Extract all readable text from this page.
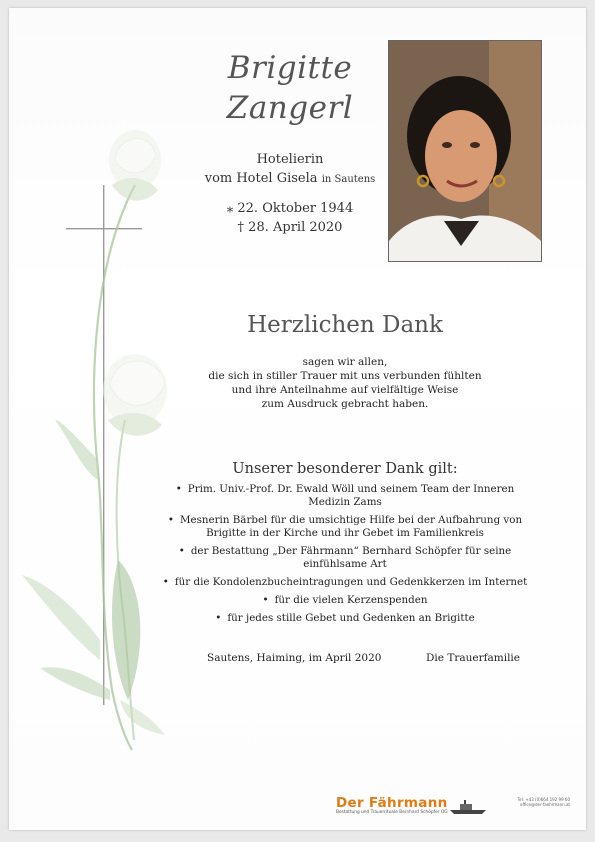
Brigitte
Zangerl
Hotelierin
vom Hotel Gisela in Sautens
⁎ 22. Oktober 1944
† 28. April 2020
Herzlichen Dank
sagen wir allen,
die sich in stiller Trauer mit uns verbunden fühlten
und ihre Anteilnahme auf vielfältige Weise
zum Ausdruck gebracht haben.
Unserer besonderer Dank gilt:
• Prim. Univ.-Prof. Dr. Ewald Wöll und seinem Team der Inneren Medizin Zams
• Mesnerin Bärbel für die umsichtige Hilfe bei der Aufbahrung von Brigitte in der Kirche und ihr Gebet im Familienkreis
• der Bestattung „Der Fährmann“ Bernhard Schöpfer für seine einfühlsame Art
• für die Kondolenzbucheintragungen und Gedenkkerzen im Internet
• für die vielen Kerzenspenden
• für jedes stille Gebet und Gedenken an Brigitte
Sautens, Haiming, im April 2020	Die Trauerfamilie
Der Fährmann
Bestattung und Trauerrituale Bernhard Schöpfer OG
Tel: +43 (0)664 192 99 60
office@der-faehrmann.at
